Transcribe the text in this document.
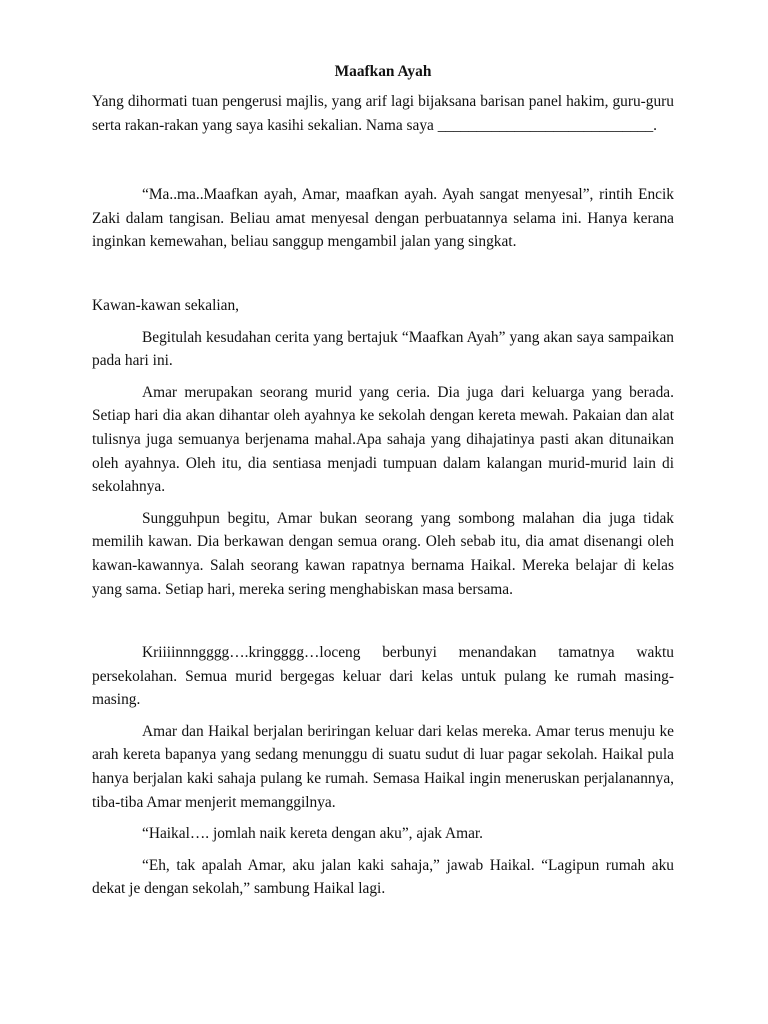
Maafkan Ayah

Yang dihormati tuan pengerusi majlis, yang arif lagi bijaksana barisan panel hakim, guru-guru serta rakan-rakan yang saya kasihi sekalian. Nama saya ____________________________.

“Ma..ma..Maafkan ayah, Amar, maafkan ayah. Ayah sangat menyesal”, rintih Encik Zaki dalam tangisan. Beliau amat menyesal dengan perbuatannya selama ini. Hanya kerana inginkan kemewahan, beliau sanggup mengambil jalan yang singkat.

Kawan-kawan sekalian,

Begitulah kesudahan cerita yang bertajuk “Maafkan Ayah” yang akan saya sampaikan pada hari ini.

Amar merupakan seorang murid yang ceria. Dia juga dari keluarga yang berada. Setiap hari dia akan dihantar oleh ayahnya ke sekolah dengan kereta mewah. Pakaian dan alat tulisnya juga semuanya berjenama mahal.Apa sahaja yang dihajatinya pasti akan ditunaikan oleh ayahnya. Oleh itu, dia sentiasa menjadi tumpuan dalam kalangan murid-murid lain di sekolahnya.

Sungguhpun begitu, Amar bukan seorang yang sombong malahan dia juga tidak memilih kawan. Dia berkawan dengan semua orang. Oleh sebab itu, dia amat disenangi oleh kawan-kawannya. Salah seorang kawan rapatnya bernama Haikal. Mereka belajar di kelas yang sama. Setiap hari, mereka sering menghabiskan masa bersama.

Kriiiinnngggg….kringggg…loceng berbunyi menandakan tamatnya waktu persekolahan. Semua murid bergegas keluar dari kelas untuk pulang ke rumah masing-masing.

Amar dan Haikal berjalan beriringan keluar dari kelas mereka. Amar terus menuju ke arah kereta bapanya yang sedang menunggu di suatu sudut di luar pagar sekolah. Haikal pula hanya berjalan kaki sahaja pulang ke rumah. Semasa Haikal ingin meneruskan perjalanannya, tiba-tiba Amar menjerit memanggilnya.

“Haikal…. jomlah naik kereta dengan aku”, ajak Amar.

“Eh, tak apalah Amar, aku jalan kaki sahaja,” jawab Haikal. “Lagipun rumah aku dekat je dengan sekolah,” sambung Haikal lagi.
